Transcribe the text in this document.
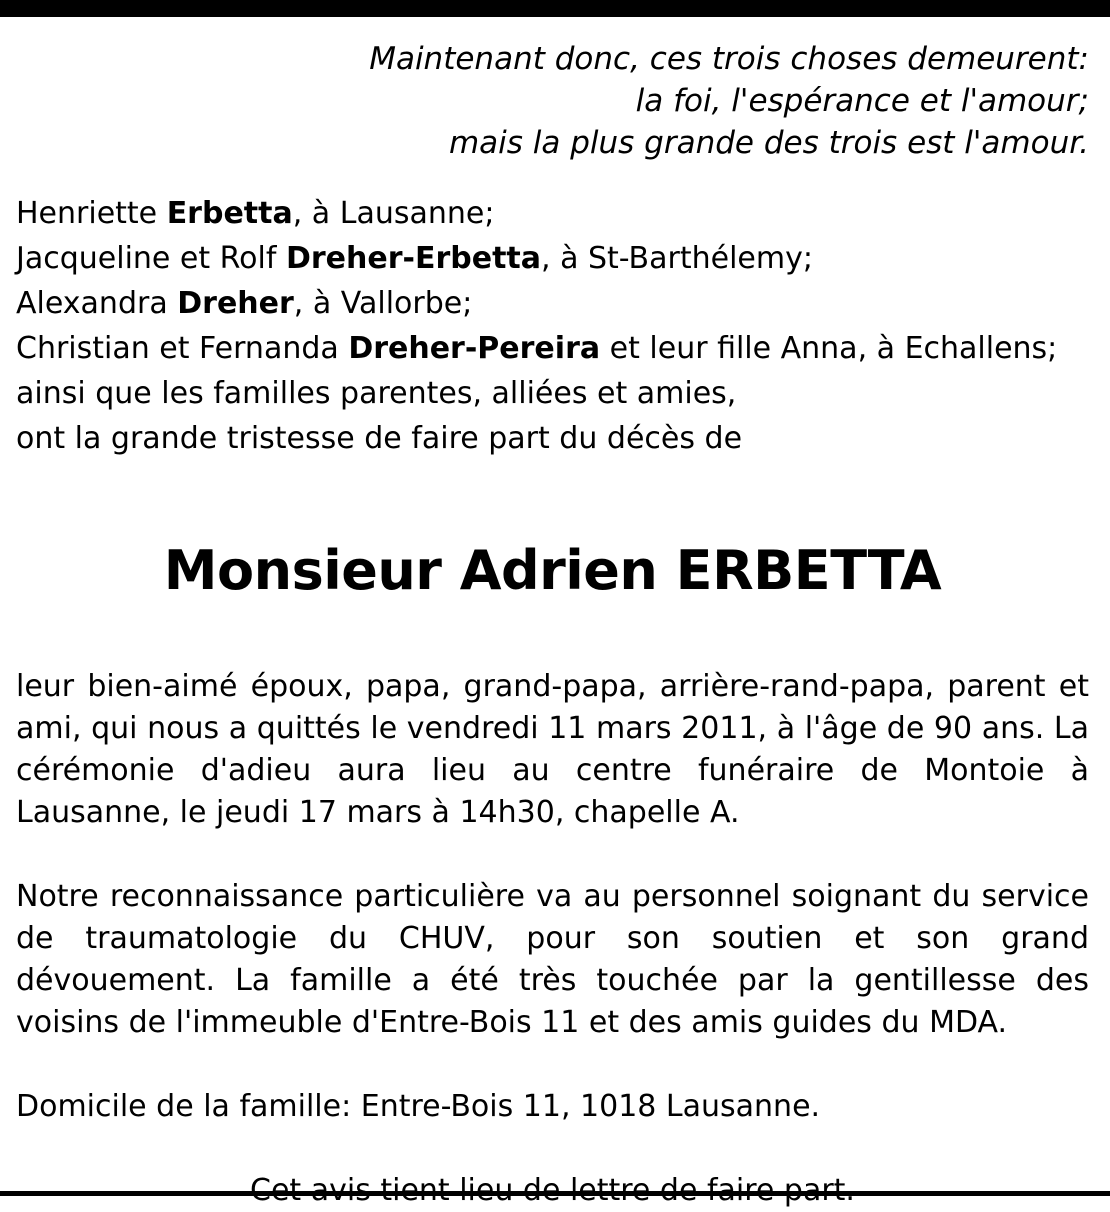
Maintenant donc, ces trois choses demeurent:
la foi, l'espérance et l'amour;
mais la plus grande des trois est l'amour.

Henriette Erbetta, à Lausanne;
Jacqueline et Rolf Dreher-Erbetta, à St-Barthélemy;
Alexandra Dreher, à Vallorbe;
Christian et Fernanda Dreher-Pereira et leur fille Anna, à Echallens;
ainsi que les familles parentes, alliées et amies,
ont la grande tristesse de faire part du décès de
Monsieur Adrien ERBETTA

leur bien-aimé époux, papa, grand-papa, arrière-rand-papa, parent et ami, qui nous a quittés le vendredi 11 mars 2011, à l'âge de 90 ans. La cérémonie d'adieu aura lieu au centre funéraire de Montoie à Lausanne, le jeudi 17 mars à 14h30, chapelle A.

Notre reconnaissance particulière va au personnel soignant du service de traumatologie du CHUV, pour son soutien et son grand dévouement. La famille a été très touchée par la gentillesse des voisins de l'immeuble d'Entre-Bois 11 et des amis guides du MDA.

Domicile de la famille: Entre-Bois 11, 1018 Lausanne.
